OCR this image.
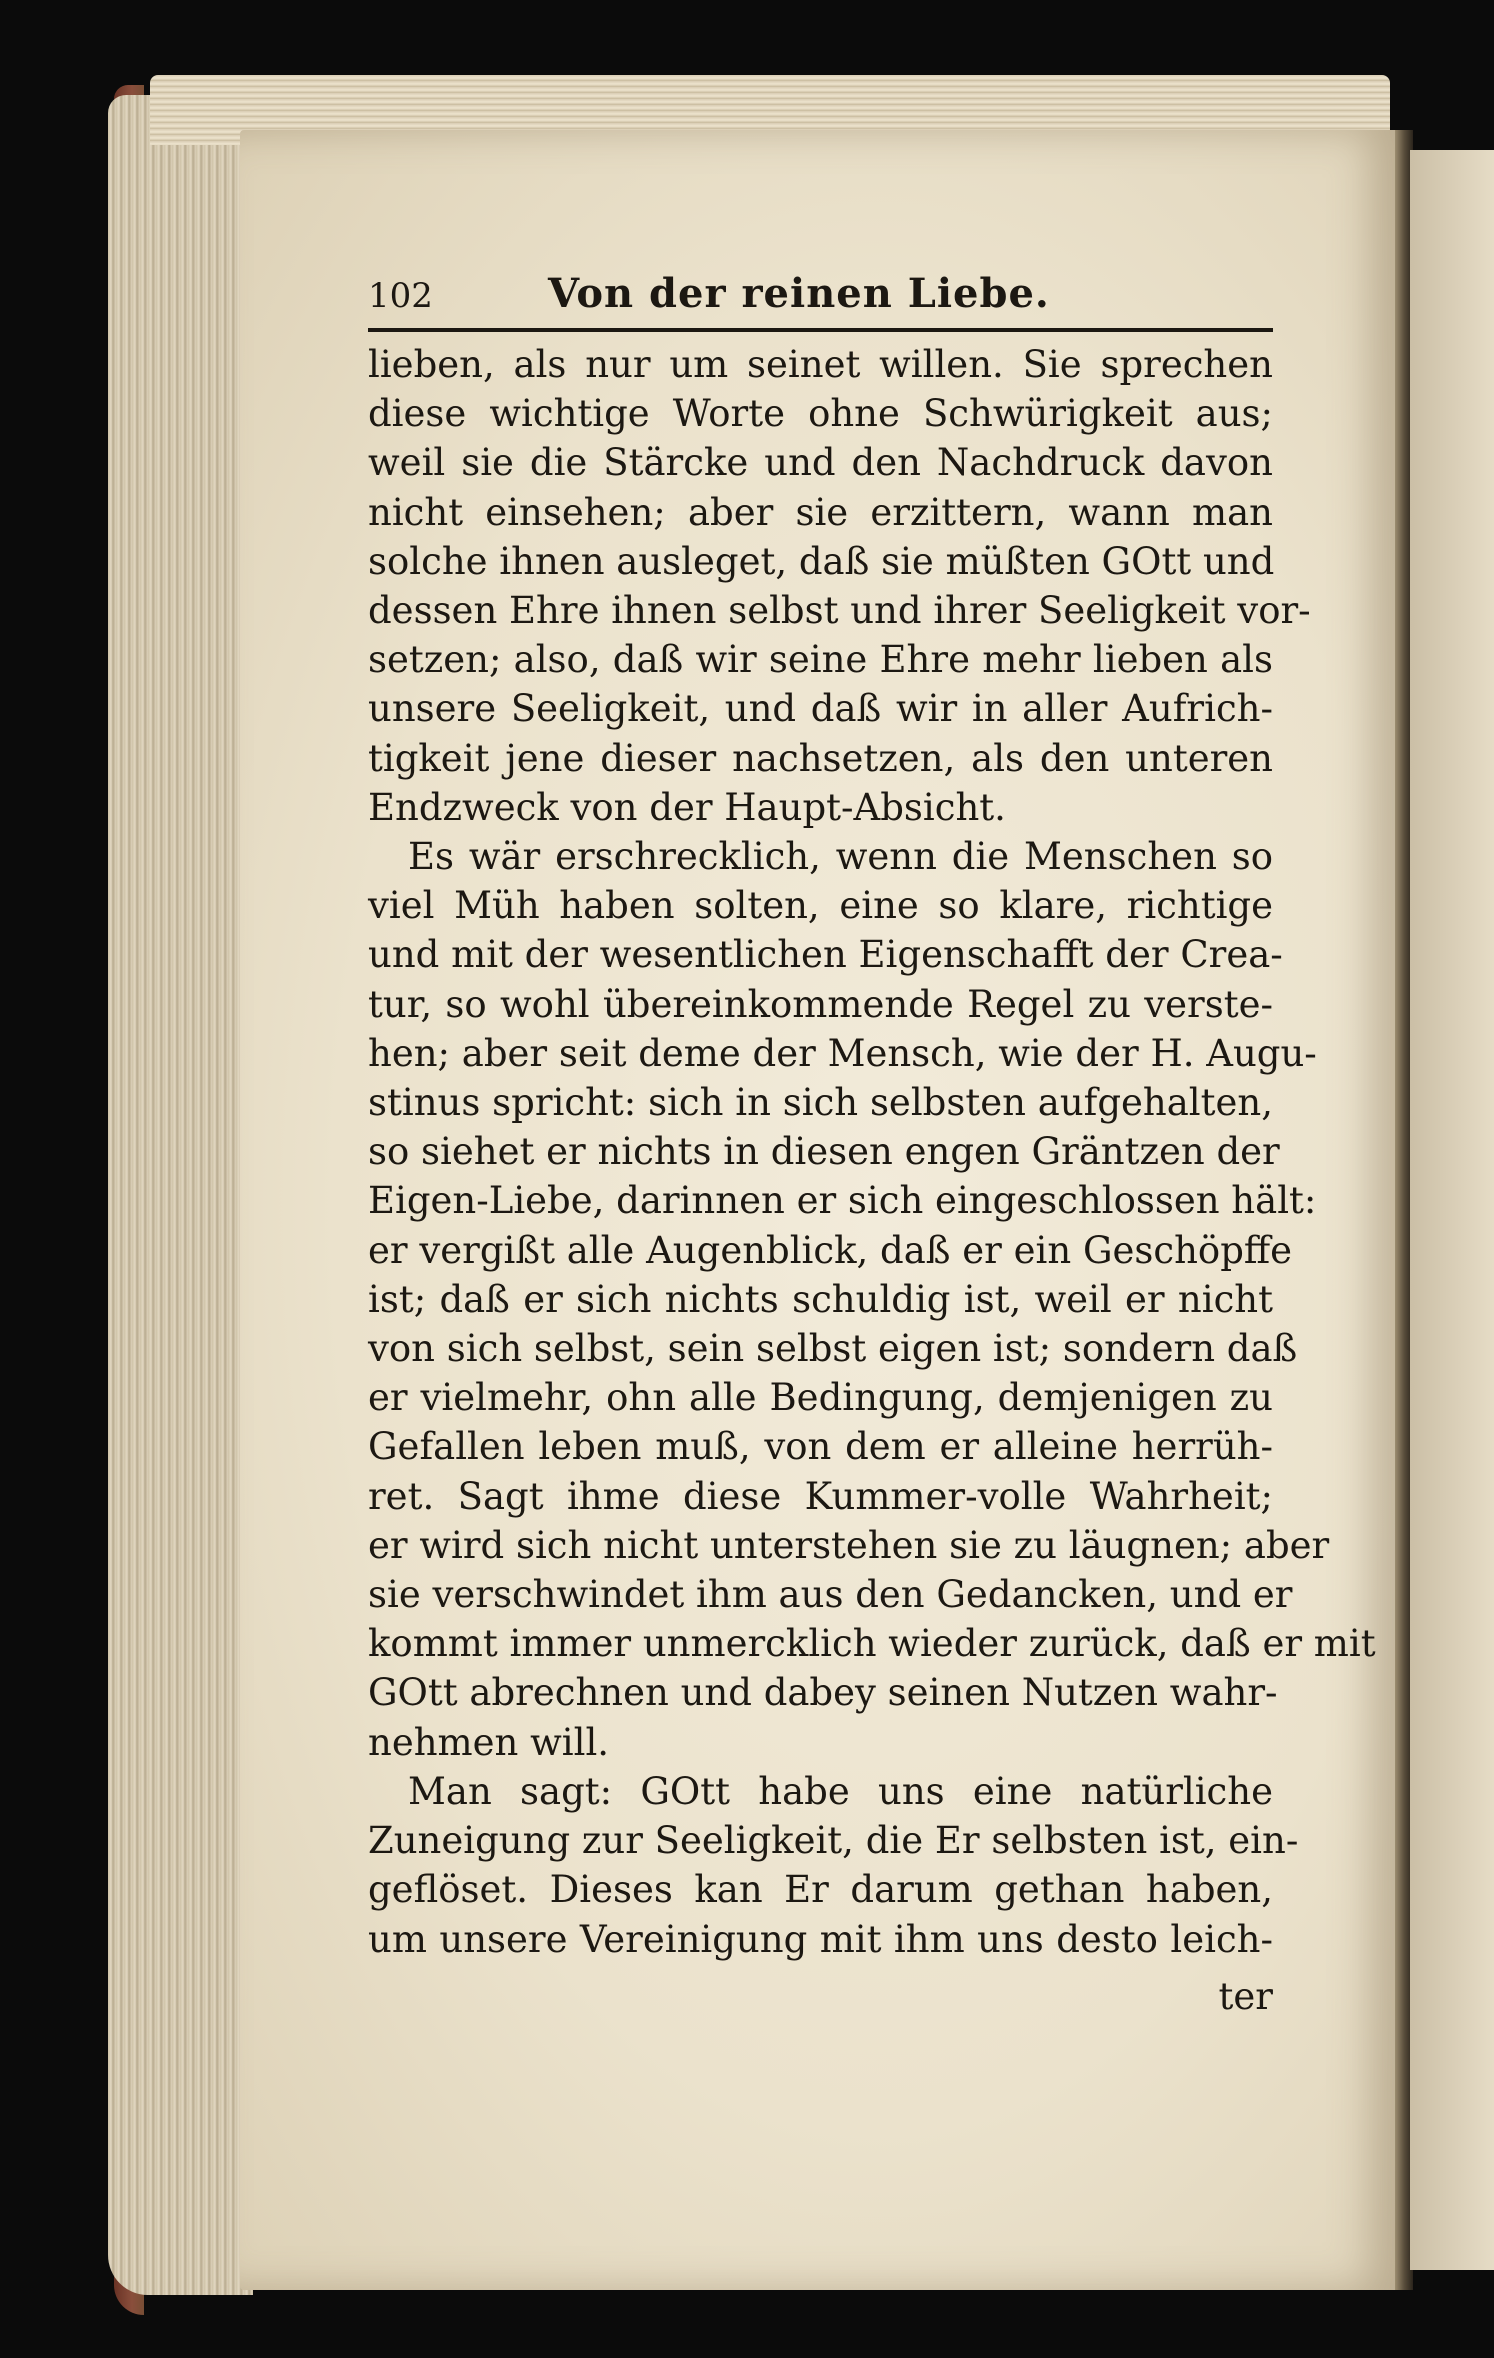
102	Von der reinen Liebe.
lieben, als nur um seinet willen. Sie sprechen
diese wichtige Worte ohne Schwürigkeit aus;
weil sie die Stärcke und den Nachdruck davon
nicht einsehen; aber sie erzittern, wann man
solche ihnen ausleget, daß sie müßten GOtt und
dessen Ehre ihnen selbst und ihrer Seeligkeit vor-
setzen; also, daß wir seine Ehre mehr lieben als
unsere Seeligkeit, und daß wir in aller Aufrich-
tigkeit jene dieser nachsetzen, als den unteren
Endzweck von der Haupt-Absicht.
Es wär erschrecklich, wenn die Menschen so
viel Müh haben solten, eine so klare, richtige
und mit der wesentlichen Eigenschafft der Crea-
tur, so wohl übereinkommende Regel zu verste-
hen; aber seit deme der Mensch, wie der H. Augu-
stinus spricht: sich in sich selbsten aufgehalten,
so siehet er nichts in diesen engen Gräntzen der
Eigen-Liebe, darinnen er sich eingeschlossen hält:
er vergißt alle Augenblick, daß er ein Geschöpffe
ist; daß er sich nichts schuldig ist, weil er nicht
von sich selbst, sein selbst eigen ist; sondern daß
er vielmehr, ohn alle Bedingung, demjenigen zu
Gefallen leben muß, von dem er alleine herrüh-
ret. Sagt ihme diese Kummer-volle Wahrheit;
er wird sich nicht unterstehen sie zu läugnen; aber
sie verschwindet ihm aus den Gedancken, und er
kommt immer unmercklich wieder zurück, daß er mit
GOtt abrechnen und dabey seinen Nutzen wahr-
nehmen will.
Man sagt: GOtt habe uns eine natürliche
Zuneigung zur Seeligkeit, die Er selbsten ist, ein-
geflöset. Dieses kan Er darum gethan haben,
um unsere Vereinigung mit ihm uns desto leich-
ter
